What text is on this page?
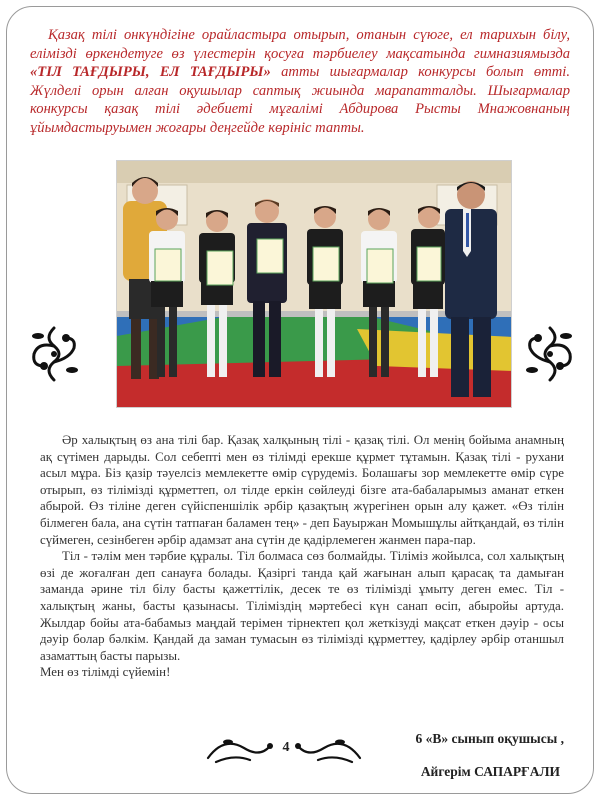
Қазақ тілі онкүндігіне орайластыра отырып, отанын сүюге, ел тарихын білу, елімізді өркендетуге өз үлестерін қосуға тәрбиелеу мақсатында гимназиямызда «ТІЛ ТАҒДЫРЫ, ЕЛ ТАҒДЫРЫ» атты шығармалар конкурсы болып өтті. Жүлделі орын алған оқушылар саптық жиында марапатталды. Шығармалар конкурсы қазақ тілі әдебиеті мұғалімі Абдирова Рысты Мнажовнаның ұйымдастыруымен жоғары деңгейде көрініс тапты.

Әр халықтың өз ана тілі бар. Қазақ халқының тілі - қазақ тілі. Ол менің бойыма анамның ақ сүтімен дарыды. Сол себепті мен өз тілімді ерекше құрмет тұтамын. Қазақ тілі - рухани асыл мұра. Біз қазір тәуелсіз мемлекетте өмір сүрудеміз. Болашағы зор мемлекетте өмір сүре отырып, өз тілімізді құрметтеп, ол тілде еркін сөйлеуді бізге ата-бабаларымыз аманат еткен абырой. Өз тіліне деген сүйіспеншілік әрбір қазақтың жүрегінен орын алу қажет. «Өз тілін білмеген бала, ана сүтін татпаған баламен тең» - деп Бауыржан Момышұлы айтқандай, өз тілін сүймеген, сезінбеген әрбір адамзат ана сүтін де қадірлемеген жанмен пара-пар.

Тіл - тәлім мен тәрбие құралы. Тіл болмаса сөз болмайды. Тіліміз жойылса, сол халықтың өзі де жоғалған деп санауға болады. Қазіргі танда қай жағынан алып қарасақ та дамыған заманда әрине тіл білу басты қажеттілік, десек те өз тілімізді ұмыту деген емес. Тіл - халықтың жаны, басты қазынасы. Тіліміздің мәртебесі күн санап өсіп, абыройы артуда. Жылдар бойы ата-бабамыз маңдай терімен тірнектеп қол жеткізуді мақсат еткен дәуір - осы дәуір болар бәлкім. Қандай да заман тумасын өз тілімізді құрметтеу, қадірлеу әрбір отаншыл азаматтың басты парызы.

Мен өз тілімді сүйемін!

4
6 «В» сынып оқушысы ,
Айгерім САПАРҒАЛИ
